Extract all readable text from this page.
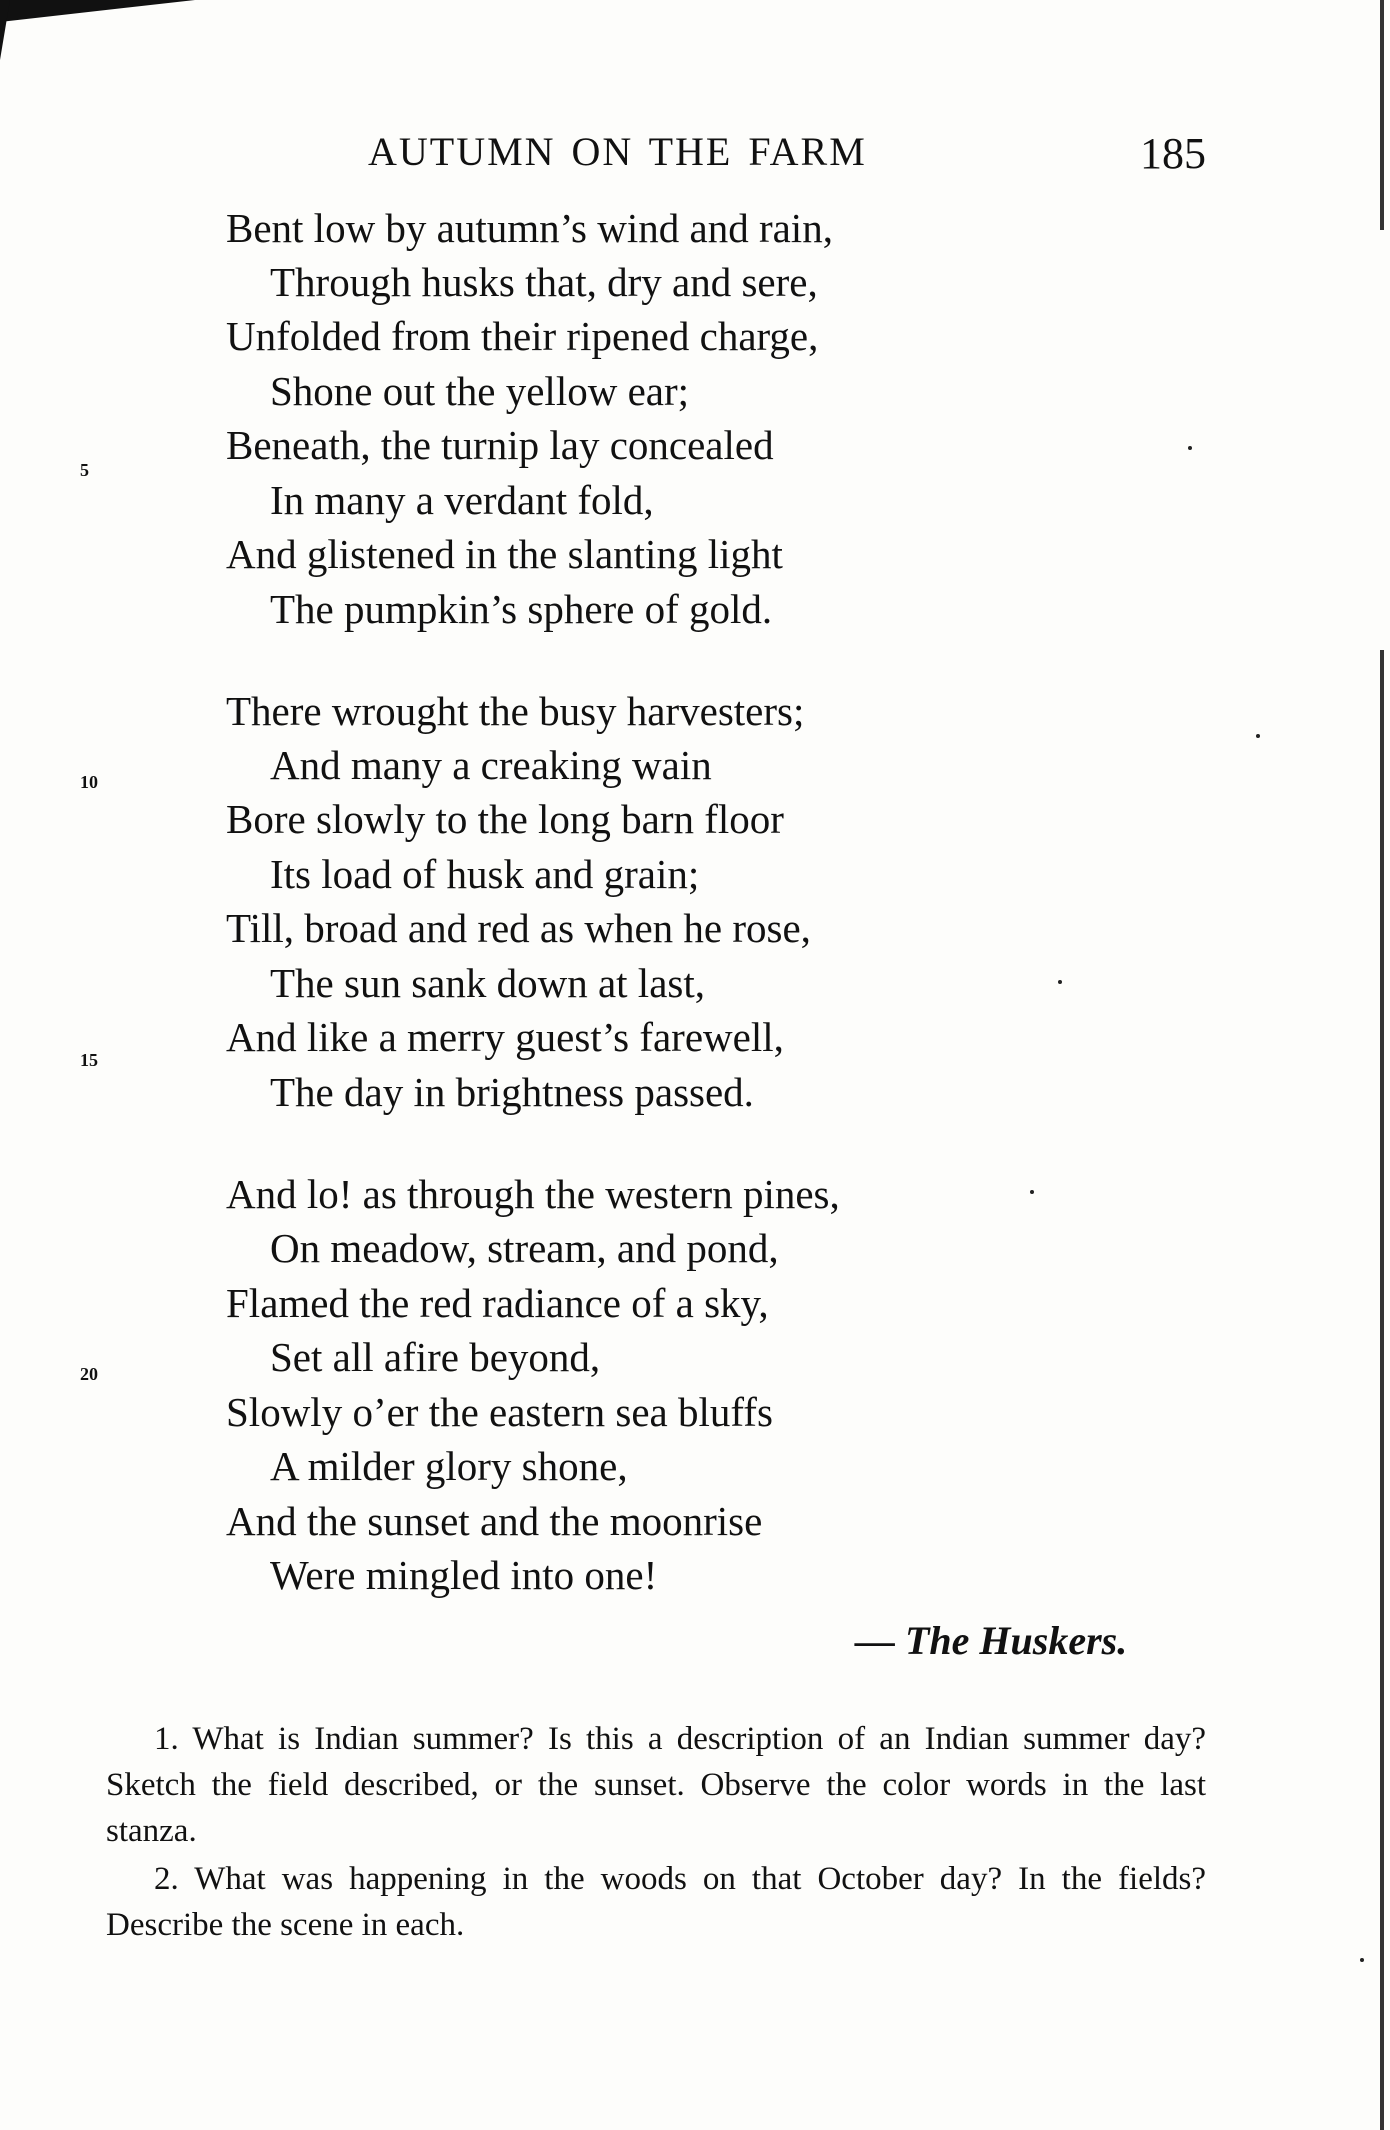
AUTUMN ON THE FARM	185
Bent low by autumn’s wind and rain,
Through husks that, dry and sere,
Unfolded from their ripened charge,
Shone out the yellow ear;
Beneath, the turnip lay concealed
In many a verdant fold,
And glistened in the slanting light
The pumpkin’s sphere of gold.
There wrought the busy harvesters;
And many a creaking wain
Bore slowly to the long barn floor
Its load of husk and grain;
Till, broad and red as when he rose,
The sun sank down at last,
And like a merry guest’s farewell,
The day in brightness passed.
And lo! as through the western pines,
On meadow, stream, and pond,
Flamed the red radiance of a sky,
Set all afire beyond,
Slowly o’er the eastern sea bluffs
A milder glory shone,
And the sunset and the moonrise
Were mingled into one!
5
10
15
20
— The Huskers.
1. What is Indian summer? Is this a description of an Indian summer day? Sketch the field described, or the sunset. Observe the color words in the last stanza.
2. What was happening in the woods on that October day? In the fields? Describe the scene in each.
